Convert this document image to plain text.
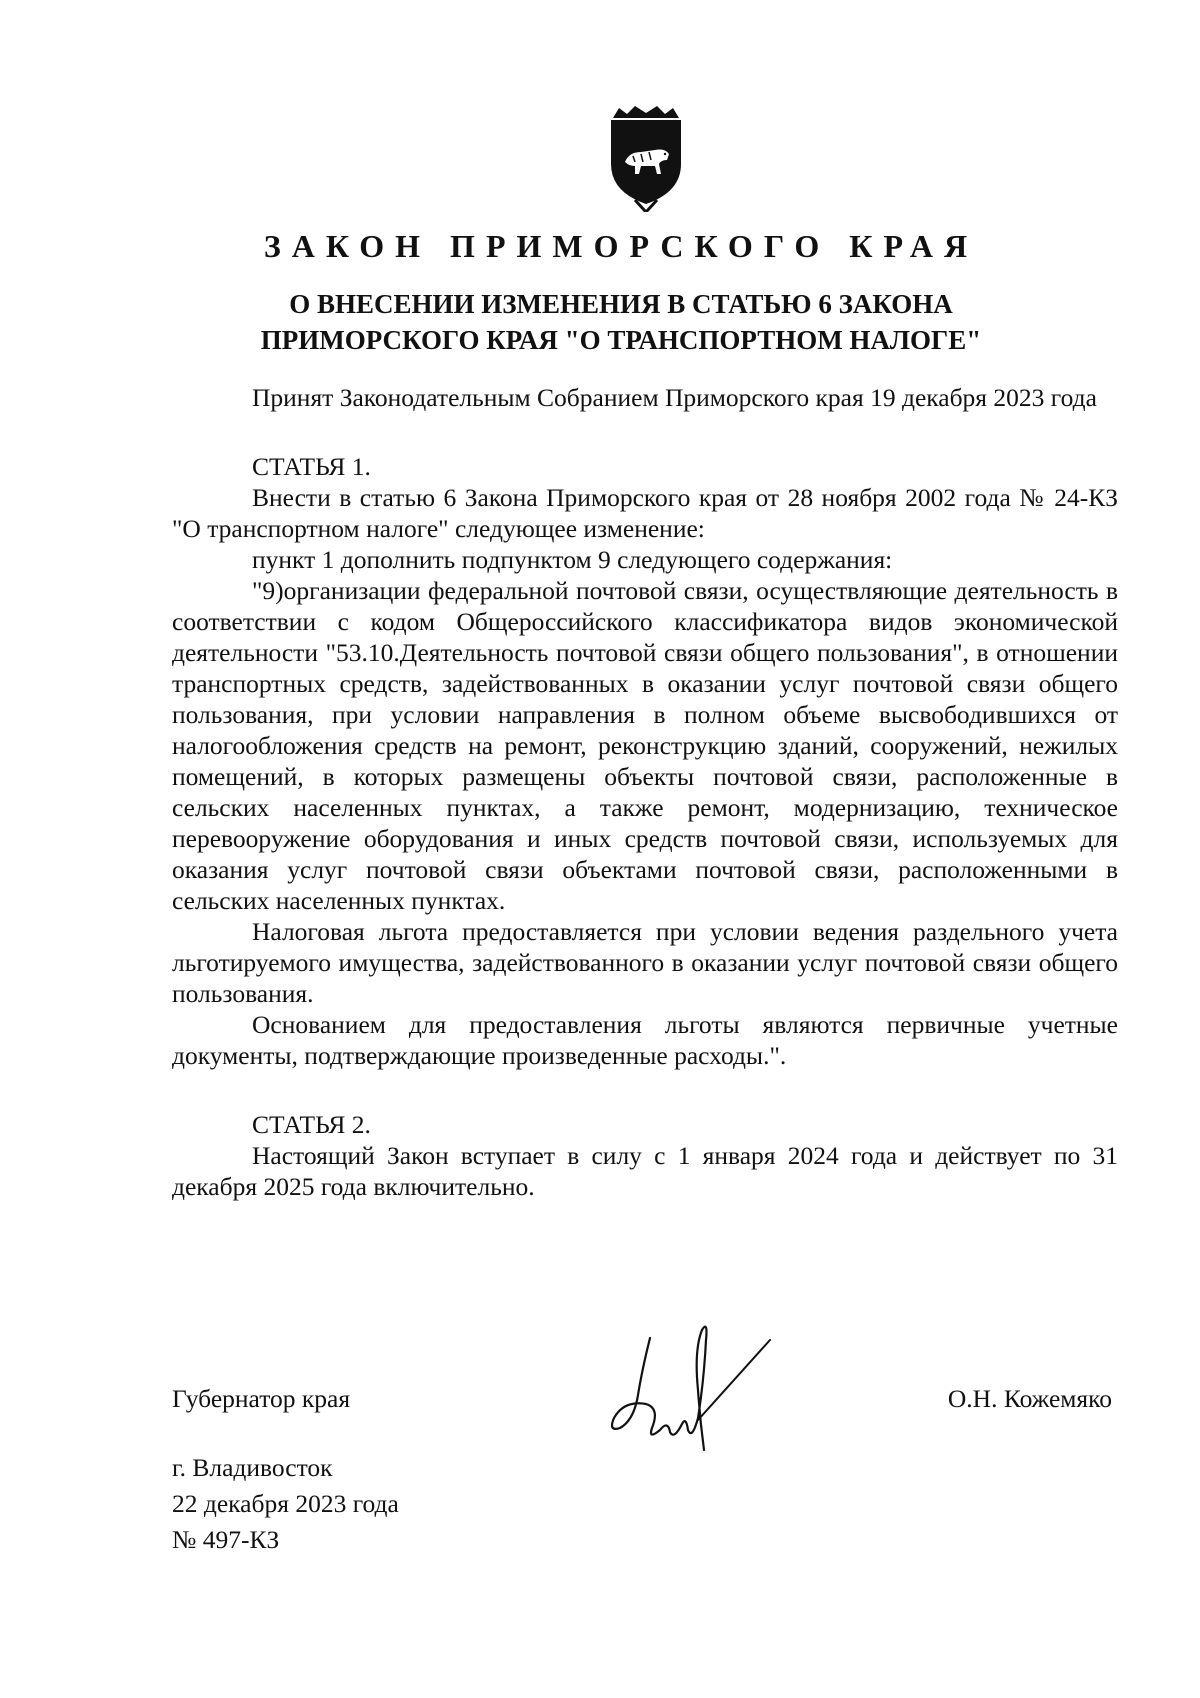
ЗАКОН ПРИМОРСКОГО КРАЯ
О ВНЕСЕНИИ ИЗМЕНЕНИЯ В СТАТЬЮ 6 ЗАКОНА
ПРИМОРСКОГО КРАЯ "О ТРАНСПОРТНОМ НАЛОГЕ"

Принят Законодательным Собранием Приморского края 19 декабря 2023 года

СТАТЬЯ 1.

Внести в статью 6 Закона Приморского края от 28 ноября 2002 года № 24-КЗ "О транспортном налоге" следующее изменение:

пункт 1 дополнить подпунктом 9 следующего содержания:

"9)организации федеральной почтовой связи, осуществляющие деятельность в соответствии с кодом Общероссийского классификатора видов экономической деятельности "53.10.Деятельность почтовой связи общего пользования", в отношении транспортных средств, задействованных в оказании услуг почтовой связи общего пользования, при условии направления в полном объеме высвободившихся от налогообложения средств на ремонт, реконструкцию зданий, сооружений, нежилых помещений, в которых размещены объекты почтовой связи, расположенные в сельских населенных пунктах, а также ремонт, модернизацию, техническое перевооружение оборудования и иных средств почтовой связи, используемых для оказания услуг почтовой связи объектами почтовой связи, расположенными в сельских населенных пунктах.

Налоговая льгота предоставляется при условии ведения раздельного учета льготируемого имущества, задействованного в оказании услуг почтовой связи общего пользования.

Основанием для предоставления льготы являются первичные учетные документы, подтверждающие произведенные расходы.".

СТАТЬЯ 2.

Настоящий Закон вступает в силу с 1 января 2024 года и действует по 31 декабря 2025 года включительно.

Губернатор края	О.Н. Кожемяко
г. Владивосток
22 декабря 2023 года
№ 497-КЗ
